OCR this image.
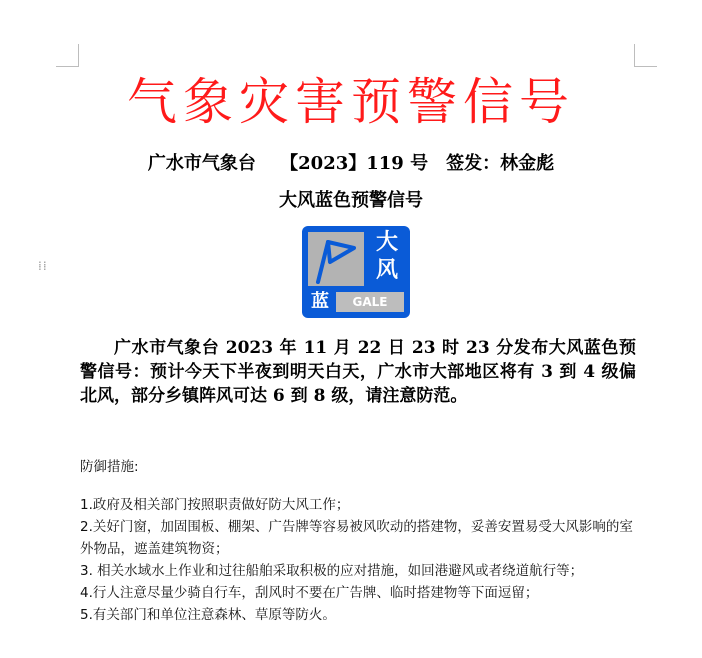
⁞⁞
气象灾害预警信号
广水市气象台　 【2023】119 号　签发：林金彪
大风蓝色预警信号
大
风
蓝	GALE
广水市气象台 2023 年 11 月 22 日 23 时 23 分发布大风蓝色预警信号：预计今天下半夜到明天白天，广水市大部地区将有 3 到 4 级偏北风，部分乡镇阵风可达 6 到 8 级，请注意防范。

防御措施:

1.政府及相关部门按照职责做好防大风工作；

2.关好门窗，加固围板、棚架、广告牌等容易被风吹动的搭建物，妥善安置易受大风影响的室外物品，遮盖建筑物资；

3. 相关水域水上作业和过往船舶采取积极的应对措施，如回港避风或者绕道航行等；

4.行人注意尽量少骑自行车，刮风时不要在广告牌、临时搭建物等下面逗留；

5.有关部门和单位注意森林、草原等防火。
